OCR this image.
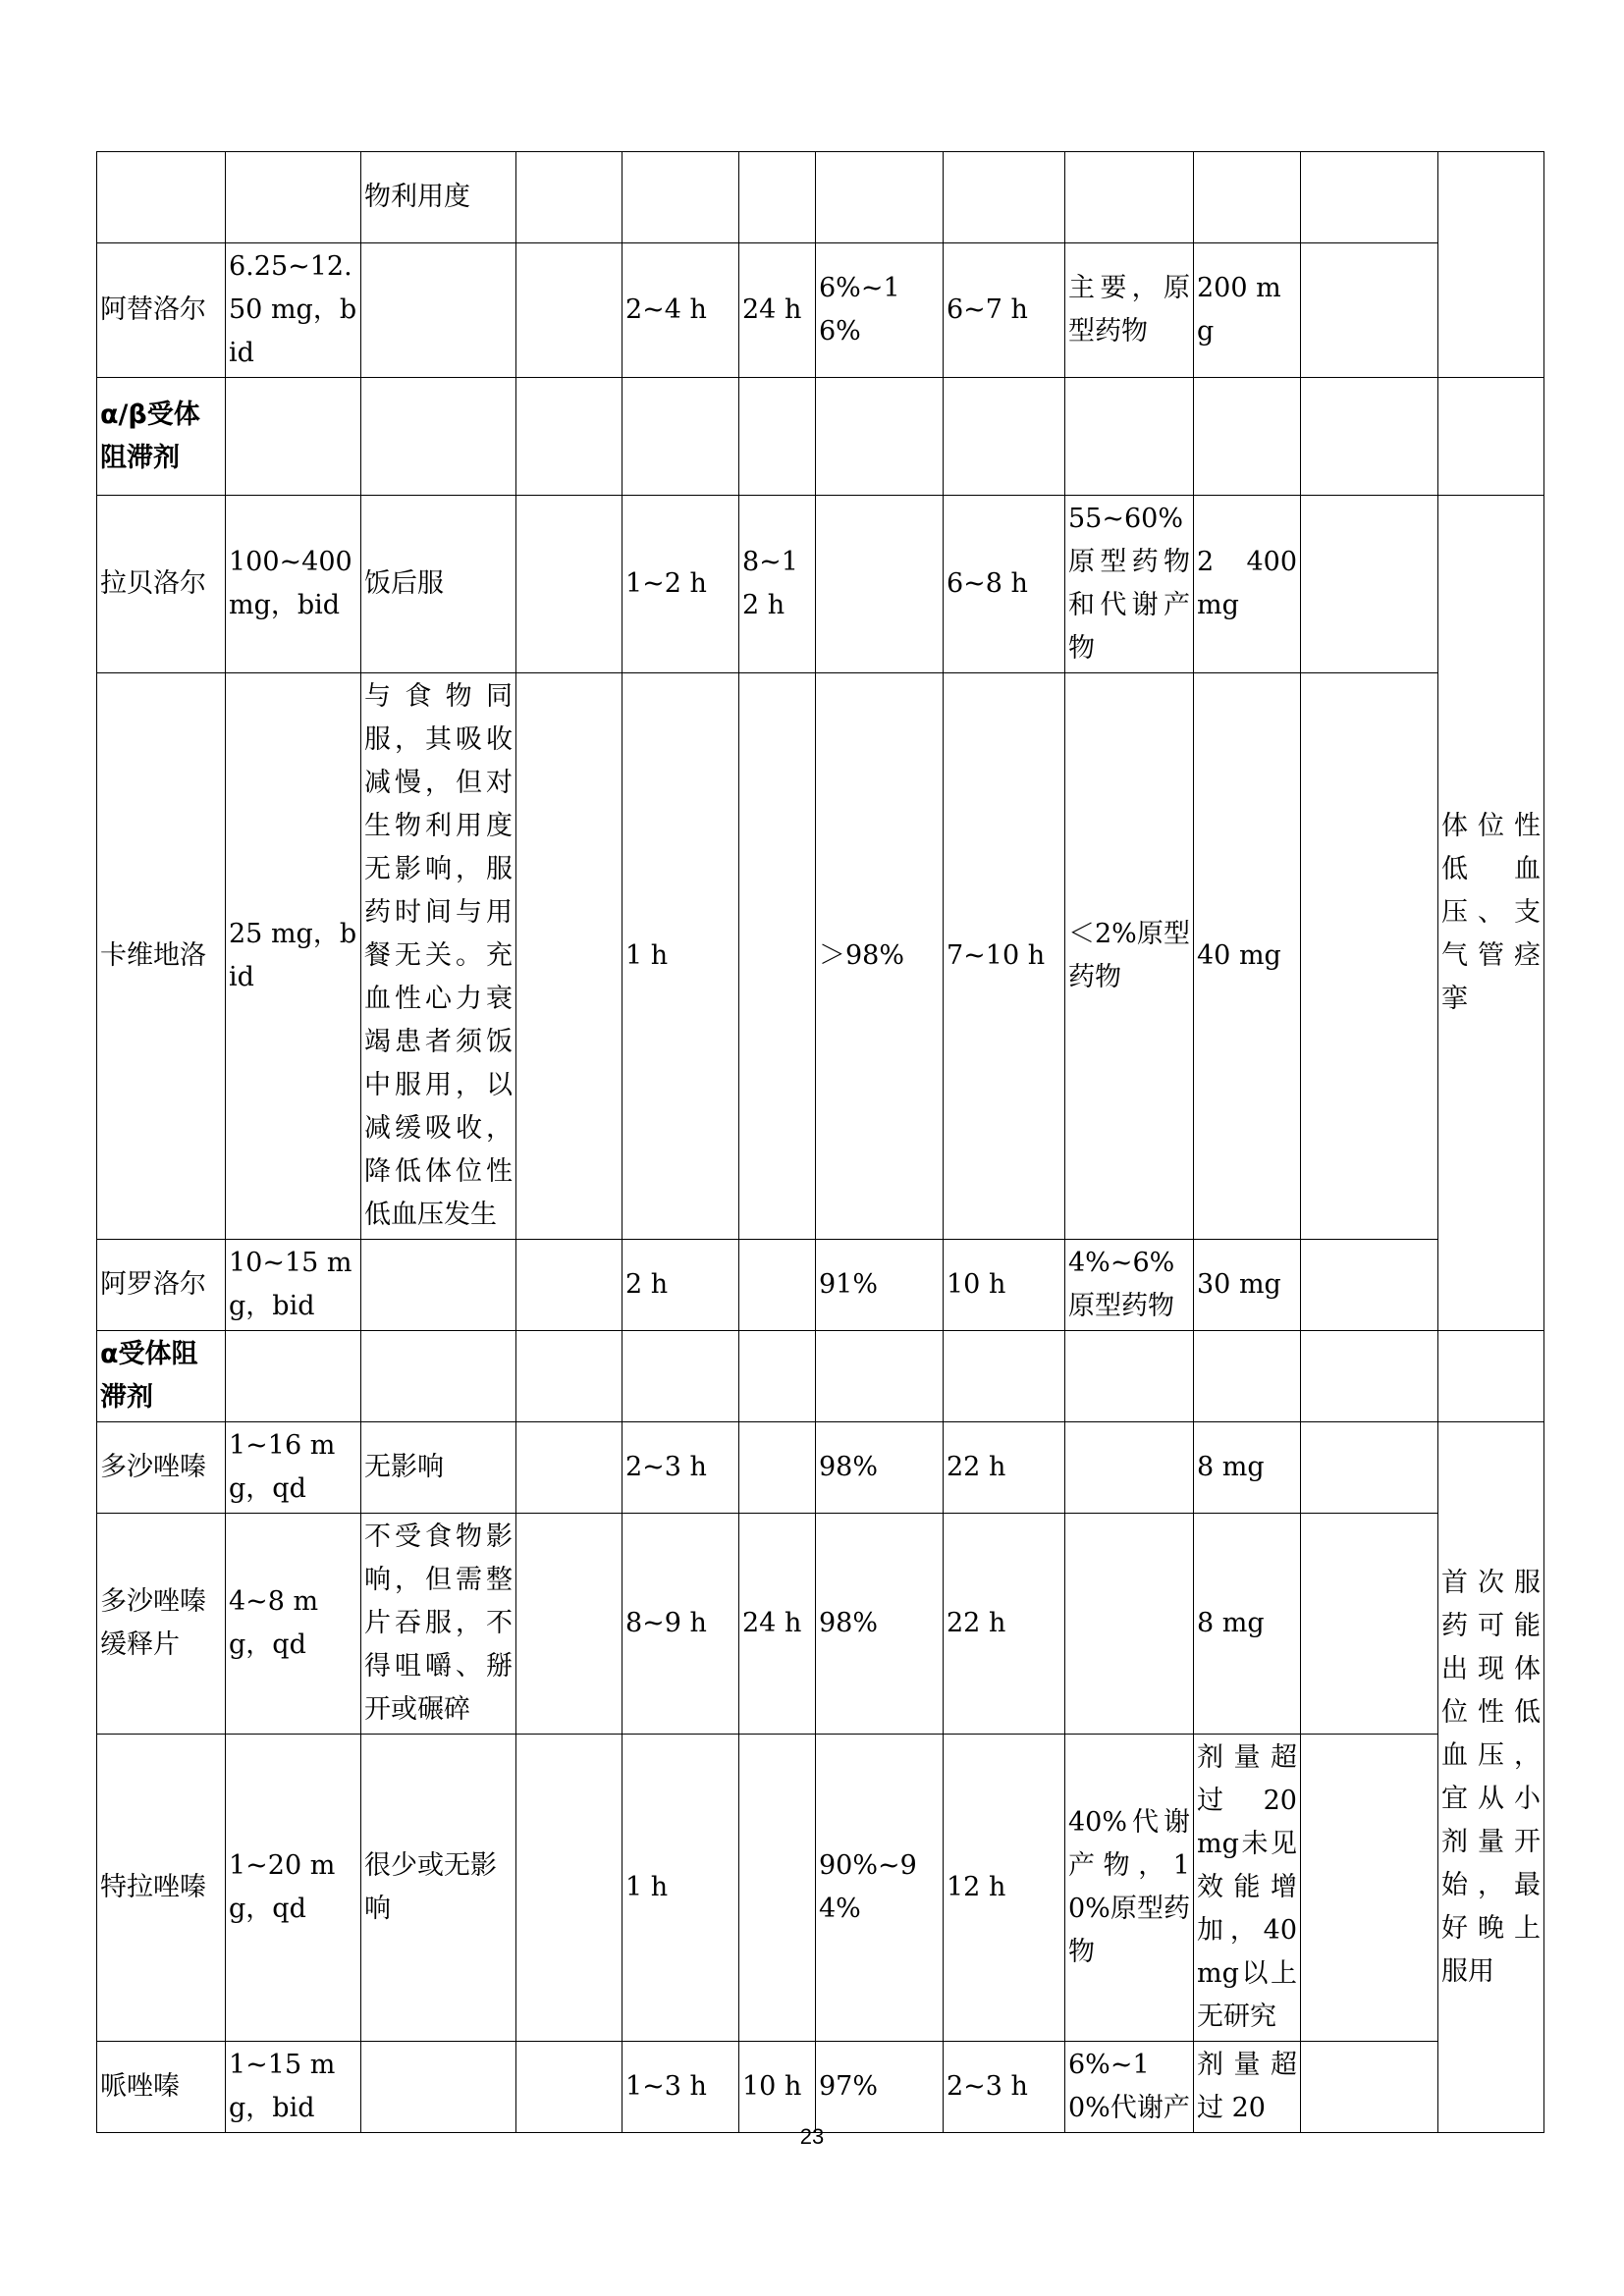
		物利用度									
阿替洛尔	6.25~12.50 mg，bid			2~4 h	24 h	6%~16%	6~7 h	主要，原型药物	200 mg		
α/β受体阻滞剂											
拉贝洛尔	100~400 mg，bid	饭后服		1~2 h	8~12 h		6~8 h	55~60%原型药物和代谢产物	2 400 mg		体位性低血压、支气管痉挛
卡维地洛	25 mg，bid	与食物同服，其吸收减慢，但对生物利用度无影响，服药时间与用餐无关。充血性心力衰竭患者须饭中服用，以减缓吸收，降低体位性低血压发生		1 h		＞98%	7~10 h	＜2%原型药物	40 mg		
阿罗洛尔	10~15 mg，bid			2 h		91%	10 h	4%~6%原型药物	30 mg		
α受体阻滞剂											
多沙唑嗪	1~16 mg，qd	无影响		2~3 h		98%	22 h		8 mg		首次服药可能出现体位性低血压，宜从小剂量开始，最好晚上服用
多沙唑嗪缓释片	4~8 mg，qd	不受食物影响，但需整片吞服，不得咀嚼、掰开或碾碎		8~9 h	24 h	98%	22 h		8 mg		
特拉唑嗪	1~20 mg，qd	很少或无影响		1 h		90%~94%	12 h	40%代谢产物，10%原型药物	剂量超过 20 mg未见效能增加，40 mg以上无研究		
哌唑嗪	1~15 mg，bid			1~3 h	10 h	97%	2~3 h	6%~10%代谢产	剂量超过 20		
23
